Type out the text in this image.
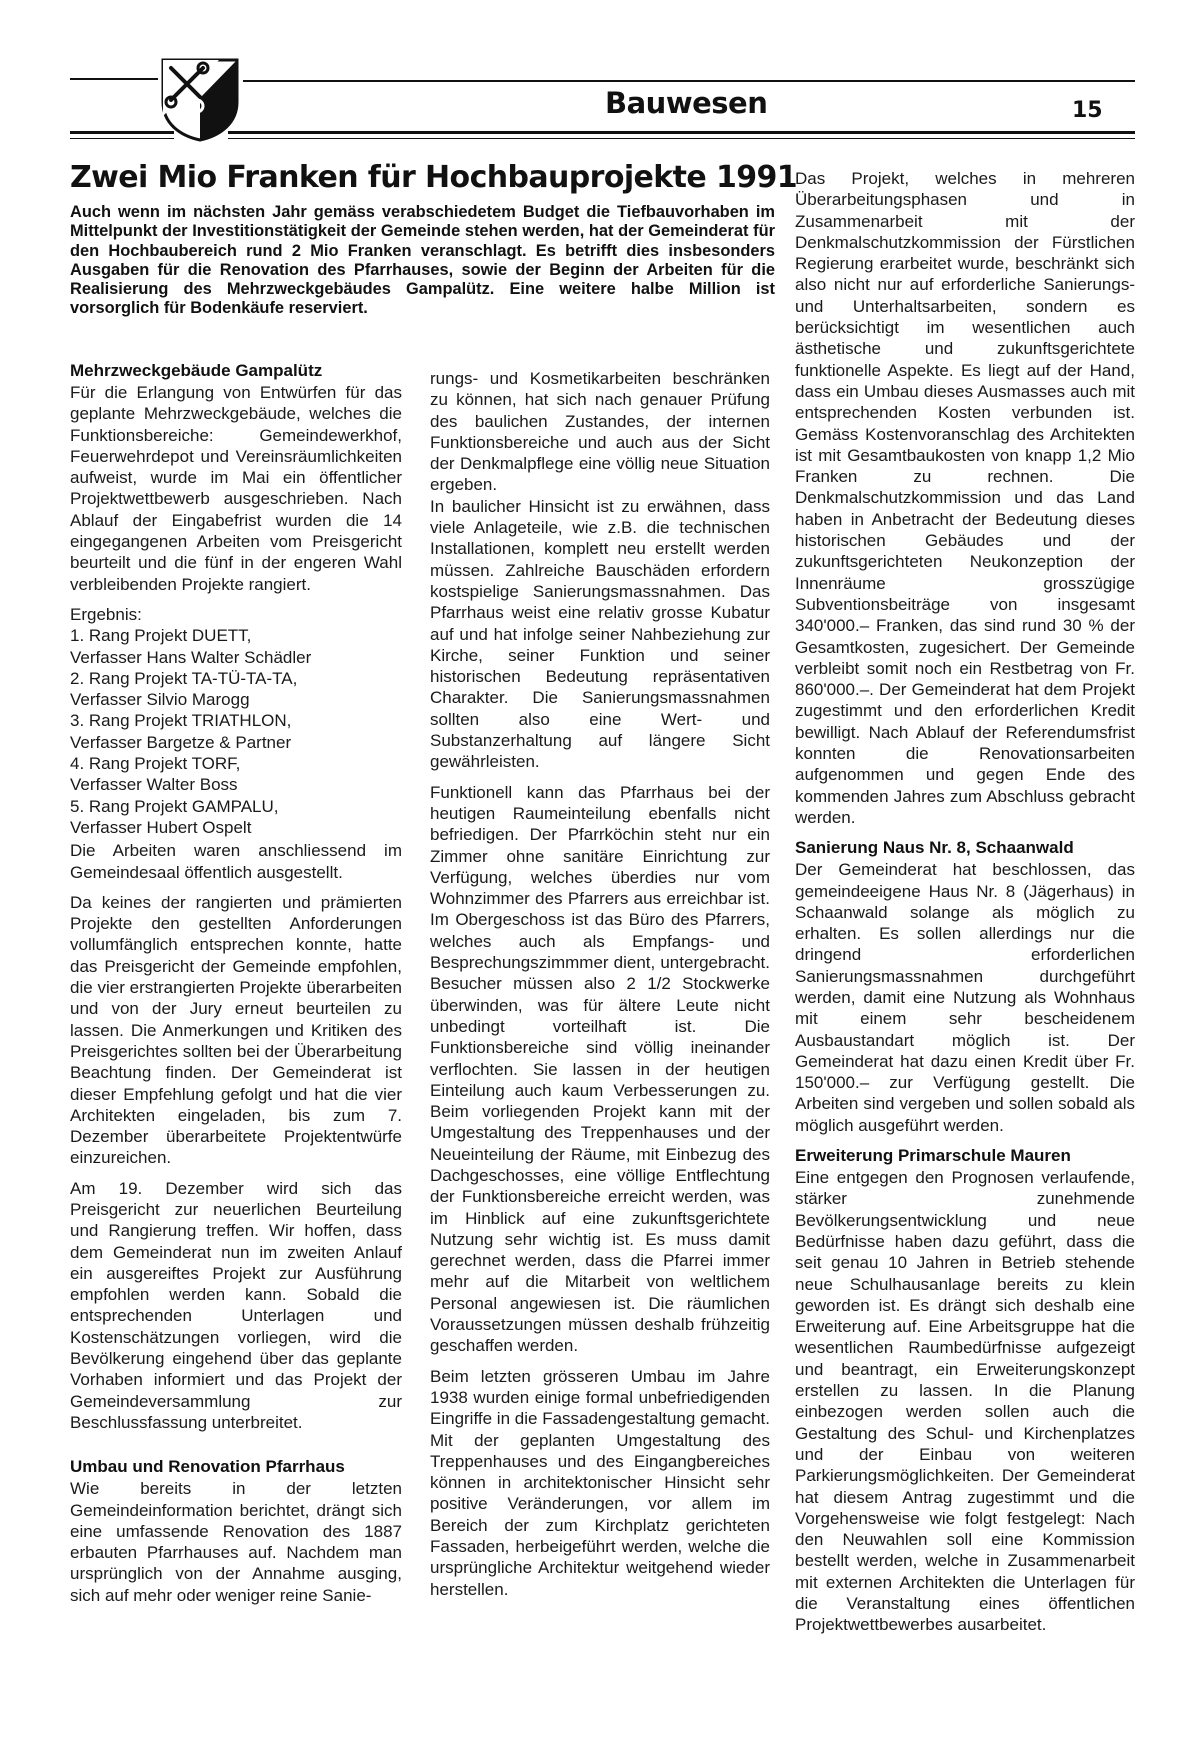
Bauwesen	15
Zwei Mio Franken für Hochbauprojekte 1991

Auch wenn im nächsten Jahr gemäss verabschiedetem Budget die Tiefbauvorhaben im Mittelpunkt der Investitionstätigkeit der Gemeinde stehen werden, hat der Gemeinderat für den Hochbaubereich rund 2 Mio Franken veranschlagt. Es betrifft dies insbesonders Ausgaben für die Renovation des Pfarrhauses, sowie der Beginn der Arbeiten für die Realisierung des Mehrzweckgebäudes Gampalütz. Eine weitere halbe Million ist vorsorglich für Bodenkäufe reserviert.

Mehrzweckgebäude Gampalütz

Für die Erlangung von Entwürfen für das geplante Mehrzweckgebäude, welches die Funktionsbereiche: Gemeindewerkhof, Feuerwehrdepot und Vereinsräumlichkeiten aufweist, wurde im Mai ein öffentlicher Projektwettbewerb ausgeschrieben. Nach Ablauf der Eingabefrist wurden die 14 eingegangenen Arbeiten vom Preisgericht beurteilt und die fünf in der engeren Wahl verbleibenden Projekte rangiert.

Ergebnis:

1. Rang Projekt DUETT,

Verfasser Hans Walter Schädler

2. Rang Projekt TA-TÜ-TA-TA,

Verfasser Silvio Marogg

3. Rang Projekt TRIATHLON,

Verfasser Bargetze & Partner

4. Rang Projekt TORF,

Verfasser Walter Boss

5. Rang Projekt GAMPALU,

Verfasser Hubert Ospelt

Die Arbeiten waren anschliessend im Gemeindesaal öffentlich ausgestellt.

Da keines der rangierten und prämierten Projekte den gestellten Anforderungen vollumfänglich entsprechen konnte, hatte das Preisgericht der Gemeinde empfohlen, die vier erstrangierten Projekte überarbeiten und von der Jury erneut beurteilen zu lassen. Die Anmerkungen und Kritiken des Preisgerichtes sollten bei der Überarbeitung Beachtung finden. Der Gemeinderat ist dieser Empfehlung gefolgt und hat die vier Architekten eingeladen, bis zum 7. Dezember überarbeitete Projektentwürfe einzureichen.

Am 19. Dezember wird sich das Preisgericht zur neuerlichen Beurteilung und Rangierung treffen. Wir hoffen, dass dem Gemeinderat nun im zweiten Anlauf ein ausgereiftes Projekt zur Ausführung empfohlen werden kann. Sobald die entsprechenden Unterlagen und Kostenschätzungen vorliegen, wird die Bevölkerung eingehend über das geplante Vorhaben informiert und das Projekt der Gemeindeversammlung zur Beschlussfassung unterbreitet.

Umbau und Renovation Pfarrhaus

Wie bereits in der letzten Gemeindeinformation berichtet, drängt sich eine umfassende Renovation des 1887 erbauten Pfarrhauses auf. Nachdem man ursprünglich von der Annahme ausging, sich auf mehr oder weniger reine Sanie-

rungs- und Kosmetikarbeiten beschränken zu können, hat sich nach genauer Prüfung des baulichen Zustandes, der internen Funktionsbereiche und auch aus der Sicht der Denkmalpflege eine völlig neue Situation ergeben.

In baulicher Hinsicht ist zu erwähnen, dass viele Anlageteile, wie z.B. die technischen Installationen, komplett neu erstellt werden müssen. Zahlreiche Bauschäden erfordern kostspielige Sanierungsmassnahmen. Das Pfarrhaus weist eine relativ grosse Kubatur auf und hat infolge seiner Nahbeziehung zur Kirche, seiner Funktion und seiner historischen Bedeutung repräsentativen Charakter. Die Sanierungsmassnahmen sollten also eine Wert- und Substanzerhaltung auf längere Sicht gewährleisten.

Funktionell kann das Pfarrhaus bei der heutigen Raumeinteilung ebenfalls nicht befriedigen. Der Pfarrköchin steht nur ein Zimmer ohne sanitäre Einrichtung zur Verfügung, welches überdies nur vom Wohnzimmer des Pfarrers aus erreichbar ist. Im Obergeschoss ist das Büro des Pfarrers, welches auch als Empfangs- und Besprechungszimmmer dient, untergebracht. Besucher müssen also 2 1/2 Stockwerke überwinden, was für ältere Leute nicht unbedingt vorteilhaft ist. Die Funktionsbereiche sind völlig ineinander verflochten. Sie lassen in der heutigen Einteilung auch kaum Verbesserungen zu. Beim vorliegenden Projekt kann mit der Umgestaltung des Treppenhauses und der Neueinteilung der Räume, mit Einbezug des Dachgeschosses, eine völlige Entflechtung der Funktionsbereiche erreicht werden, was im Hinblick auf eine zukunftsgerichtete Nutzung sehr wichtig ist. Es muss damit gerechnet werden, dass die Pfarrei immer mehr auf die Mitarbeit von weltlichem Personal angewiesen ist. Die räumlichen Voraussetzungen müssen deshalb frühzeitig geschaffen werden.

Beim letzten grösseren Umbau im Jahre 1938 wurden einige formal unbefriedigenden Eingriffe in die Fassadengestaltung gemacht. Mit der geplanten Umgestaltung des Treppenhauses und des Eingangbereiches können in architektonischer Hinsicht sehr positive Veränderungen, vor allem im Bereich der zum Kirchplatz gerichteten Fassaden, herbeigeführt werden, welche die ursprüngliche Architektur weitgehend wieder herstellen.

Das Projekt, welches in mehreren Überarbeitungsphasen und in Zusammenarbeit mit der Denkmalschutzkommission der Fürstlichen Regierung erarbeitet wurde, beschränkt sich also nicht nur auf erforderliche Sanierungs- und Unterhaltsarbeiten, sondern es berücksichtigt im wesentlichen auch ästhetische und zukunftsgerichtete funktionelle Aspekte. Es liegt auf der Hand, dass ein Umbau dieses Ausmasses auch mit entsprechenden Kosten verbunden ist. Gemäss Kostenvoranschlag des Architekten ist mit Gesamtbaukosten von knapp 1,2 Mio Franken zu rechnen. Die Denkmalschutzkommission und das Land haben in Anbetracht der Bedeutung dieses historischen Gebäudes und der zukunftsgerichteten Neukonzeption der Innenräume grosszügige Subventionsbeiträge von insgesamt 340'000.– Franken, das sind rund 30 % der Gesamtkosten, zugesichert. Der Gemeinde verbleibt somit noch ein Restbetrag von Fr. 860'000.–. Der Gemeinderat hat dem Projekt zugestimmt und den erforderlichen Kredit bewilligt. Nach Ablauf der Referendumsfrist konnten die Renovationsarbeiten aufgenommen und gegen Ende des kommenden Jahres zum Abschluss gebracht werden.

Sanierung Naus Nr. 8, Schaanwald

Der Gemeinderat hat beschlossen, das gemeindeeigene Haus Nr. 8 (Jägerhaus) in Schaanwald solange als möglich zu erhalten. Es sollen allerdings nur die dringend erforderlichen Sanierungsmassnahmen durchgeführt werden, damit eine Nutzung als Wohnhaus mit einem sehr bescheidenem Ausbaustandart möglich ist. Der Gemeinderat hat dazu einen Kredit über Fr. 150'000.– zur Verfügung gestellt. Die Arbeiten sind vergeben und sollen sobald als möglich ausgeführt werden.

Erweiterung Primarschule Mauren

Eine entgegen den Prognosen verlaufende, stärker zunehmende Bevölkerungsentwicklung und neue Bedürfnisse haben dazu geführt, dass die seit genau 10 Jahren in Betrieb stehende neue Schulhausanlage bereits zu klein geworden ist. Es drängt sich deshalb eine Erweiterung auf. Eine Arbeitsgruppe hat die wesentlichen Raumbedürfnisse aufgezeigt und beantragt, ein Erweiterungskonzept erstellen zu lassen. In die Planung einbezogen werden sollen auch die Gestaltung des Schul- und Kirchenplatzes und der Einbau von weiteren Parkierungsmöglichkeiten. Der Gemeinderat hat diesem Antrag zugestimmt und die Vorgehensweise wie folgt festgelegt: Nach den Neuwahlen soll eine Kommission bestellt werden, welche in Zusammenarbeit mit externen Architekten die Unterlagen für die Veranstaltung eines öffentlichen Projektwettbewerbes ausarbeitet.
